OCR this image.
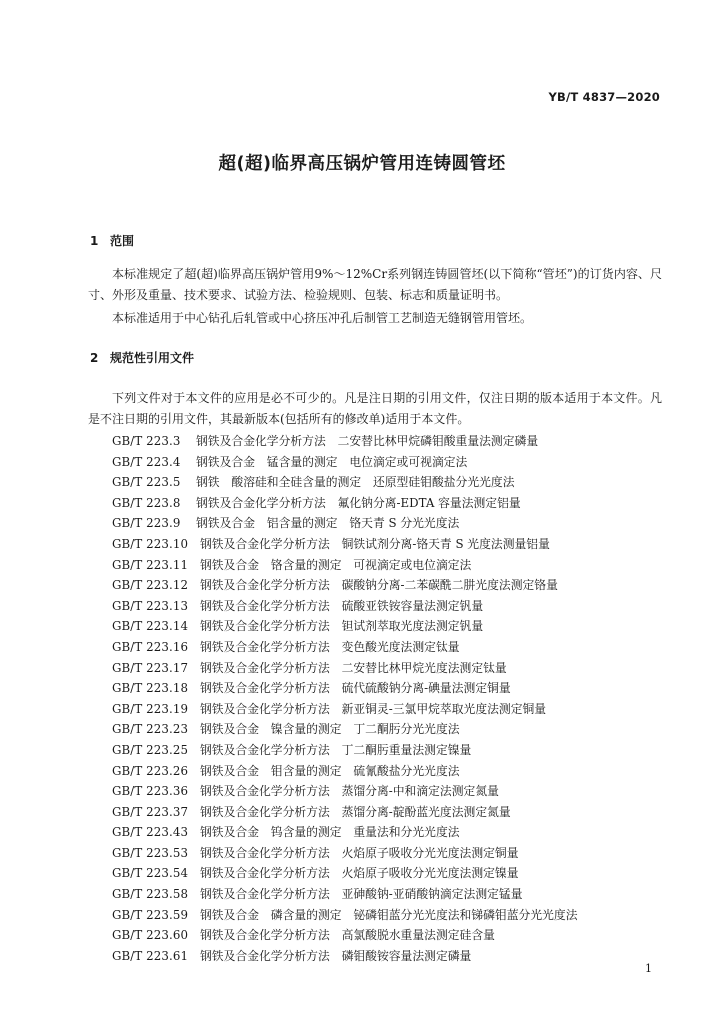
YB/T 4837—2020
超(超)临界高压锅炉管用连铸圆管坯
1 范围
本标准规定了超(超)临界高压锅炉管用9%～12%Cr系列钢连铸圆管坯(以下简称“管坯”)的订货内容、尺寸、外形及重量、技术要求、试验方法、检验规则、包装、标志和质量证明书。
本标准适用于中心钻孔后轧管或中心挤压冲孔后制管工艺制造无缝钢管用管坯。
2 规范性引用文件
下列文件对于本文件的应用是必不可少的。凡是注日期的引用文件，仅注日期的版本适用于本文件。凡是不注日期的引用文件，其最新版本(包括所有的修改单)适用于本文件。
GB/T 223.3 钢铁及合金化学分析方法　二安替比林甲烷磷钼酸重量法测定磷量
GB/T 223.4 钢铁及合金　锰含量的测定　电位滴定或可视滴定法
GB/T 223.5 钢铁　酸溶硅和全硅含量的测定　还原型硅钼酸盐分光光度法
GB/T 223.8 钢铁及合金化学分析方法　氟化钠分离-EDTA 容量法测定铝量
GB/T 223.9 钢铁及合金　铝含量的测定　铬天青 S 分光光度法
GB/T 223.10 钢铁及合金化学分析方法　铜铁试剂分离-铬天青 S 光度法测量铝量
GB/T 223.11 钢铁及合金　铬含量的测定　可视滴定或电位滴定法
GB/T 223.12 钢铁及合金化学分析方法　碳酸钠分离-二苯碳酰二肼光度法测定铬量
GB/T 223.13 钢铁及合金化学分析方法　硫酸亚铁铵容量法测定钒量
GB/T 223.14 钢铁及合金化学分析方法　钽试剂萃取光度法测定钒量
GB/T 223.16 钢铁及合金化学分析方法　变色酸光度法测定钛量
GB/T 223.17 钢铁及合金化学分析方法　二安替比林甲烷光度法测定钛量
GB/T 223.18 钢铁及合金化学分析方法　硫代硫酸钠分离-碘量法测定铜量
GB/T 223.19 钢铁及合金化学分析方法　新亚铜灵-三氯甲烷萃取光度法测定铜量
GB/T 223.23 钢铁及合金　镍含量的测定　丁二酮肟分光光度法
GB/T 223.25 钢铁及合金化学分析方法　丁二酮肟重量法测定镍量
GB/T 223.26 钢铁及合金　钼含量的测定　硫氰酸盐分光光度法
GB/T 223.36 钢铁及合金化学分析方法　蒸馏分离-中和滴定法测定氮量
GB/T 223.37 钢铁及合金化学分析方法　蒸馏分离-靛酚蓝光度法测定氮量
GB/T 223.43 钢铁及合金　钨含量的测定　重量法和分光光度法
GB/T 223.53 钢铁及合金化学分析方法　火焰原子吸收分光光度法测定铜量
GB/T 223.54 钢铁及合金化学分析方法　火焰原子吸收分光光度法测定镍量
GB/T 223.58 钢铁及合金化学分析方法　亚砷酸钠-亚硝酸钠滴定法测定锰量
GB/T 223.59 钢铁及合金　磷含量的测定　铋磷钼蓝分光光度法和锑磷钼蓝分光光度法
GB/T 223.60 钢铁及合金化学分析方法　高氯酸脱水重量法测定硅含量
GB/T 223.61 钢铁及合金化学分析方法　磷钼酸铵容量法测定磷量
1
